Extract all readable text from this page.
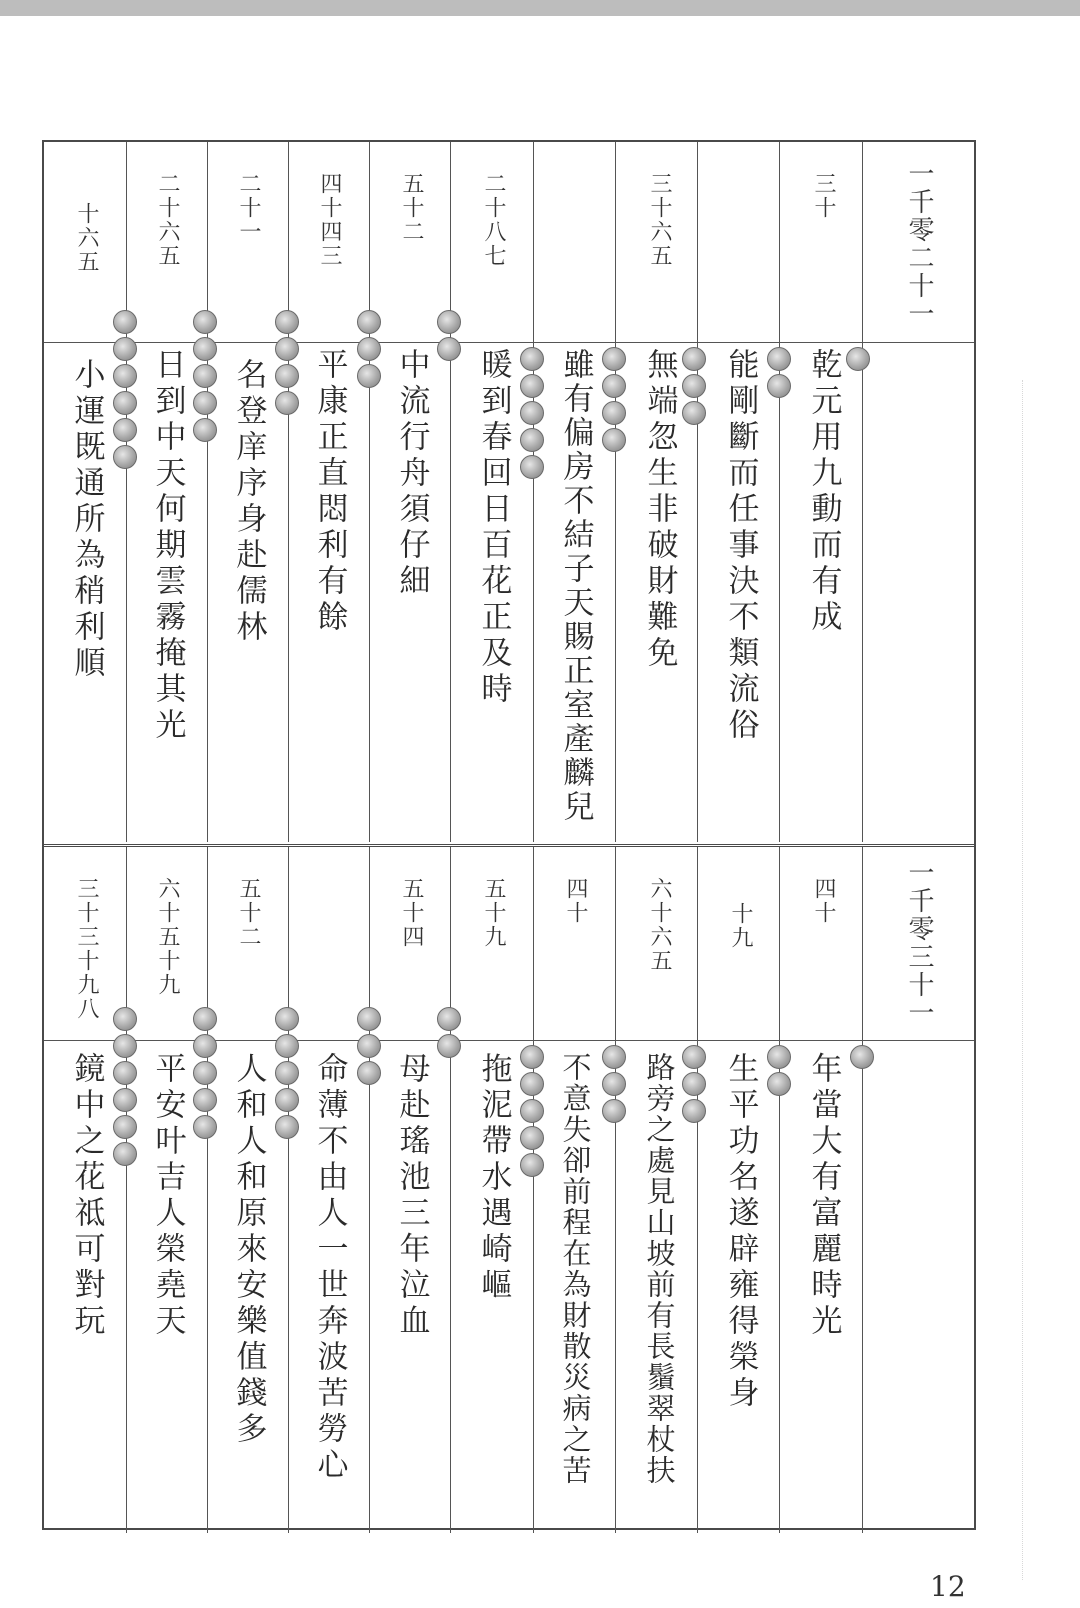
一千零二十一
三十
三十六五
二十八七
五十二
四十四三
二十一
二十六五
十六五
乾元用九動而有成
能剛斷而任事決不類流俗
無端忽生非破財難免
雖有偏房不結子天賜正室產麟兒
暖到春回日百花正及時
中流行舟須仔細
平康正直悶利有餘
名登庠序身赴儒林
日到中天何期雲霧掩其光
小運既通所為稍利順
一千零三十一
四十
十九
六十六五
四十
五十九
五十四
五十二
六十五十九
三十三十九八
年當大有富麗時光
生平功名遂辟雍得榮身
路旁之處見山坡前有長鬚翠杖扶
不意失卻前程在為財散災病之苦
拖泥帶水遇崎嶇
母赴瑤池三年泣血
命薄不由人一世奔波苦勞心
人和人和原來安樂值錢多
平安叶吉人榮堯天
鏡中之花祗可對玩
12
